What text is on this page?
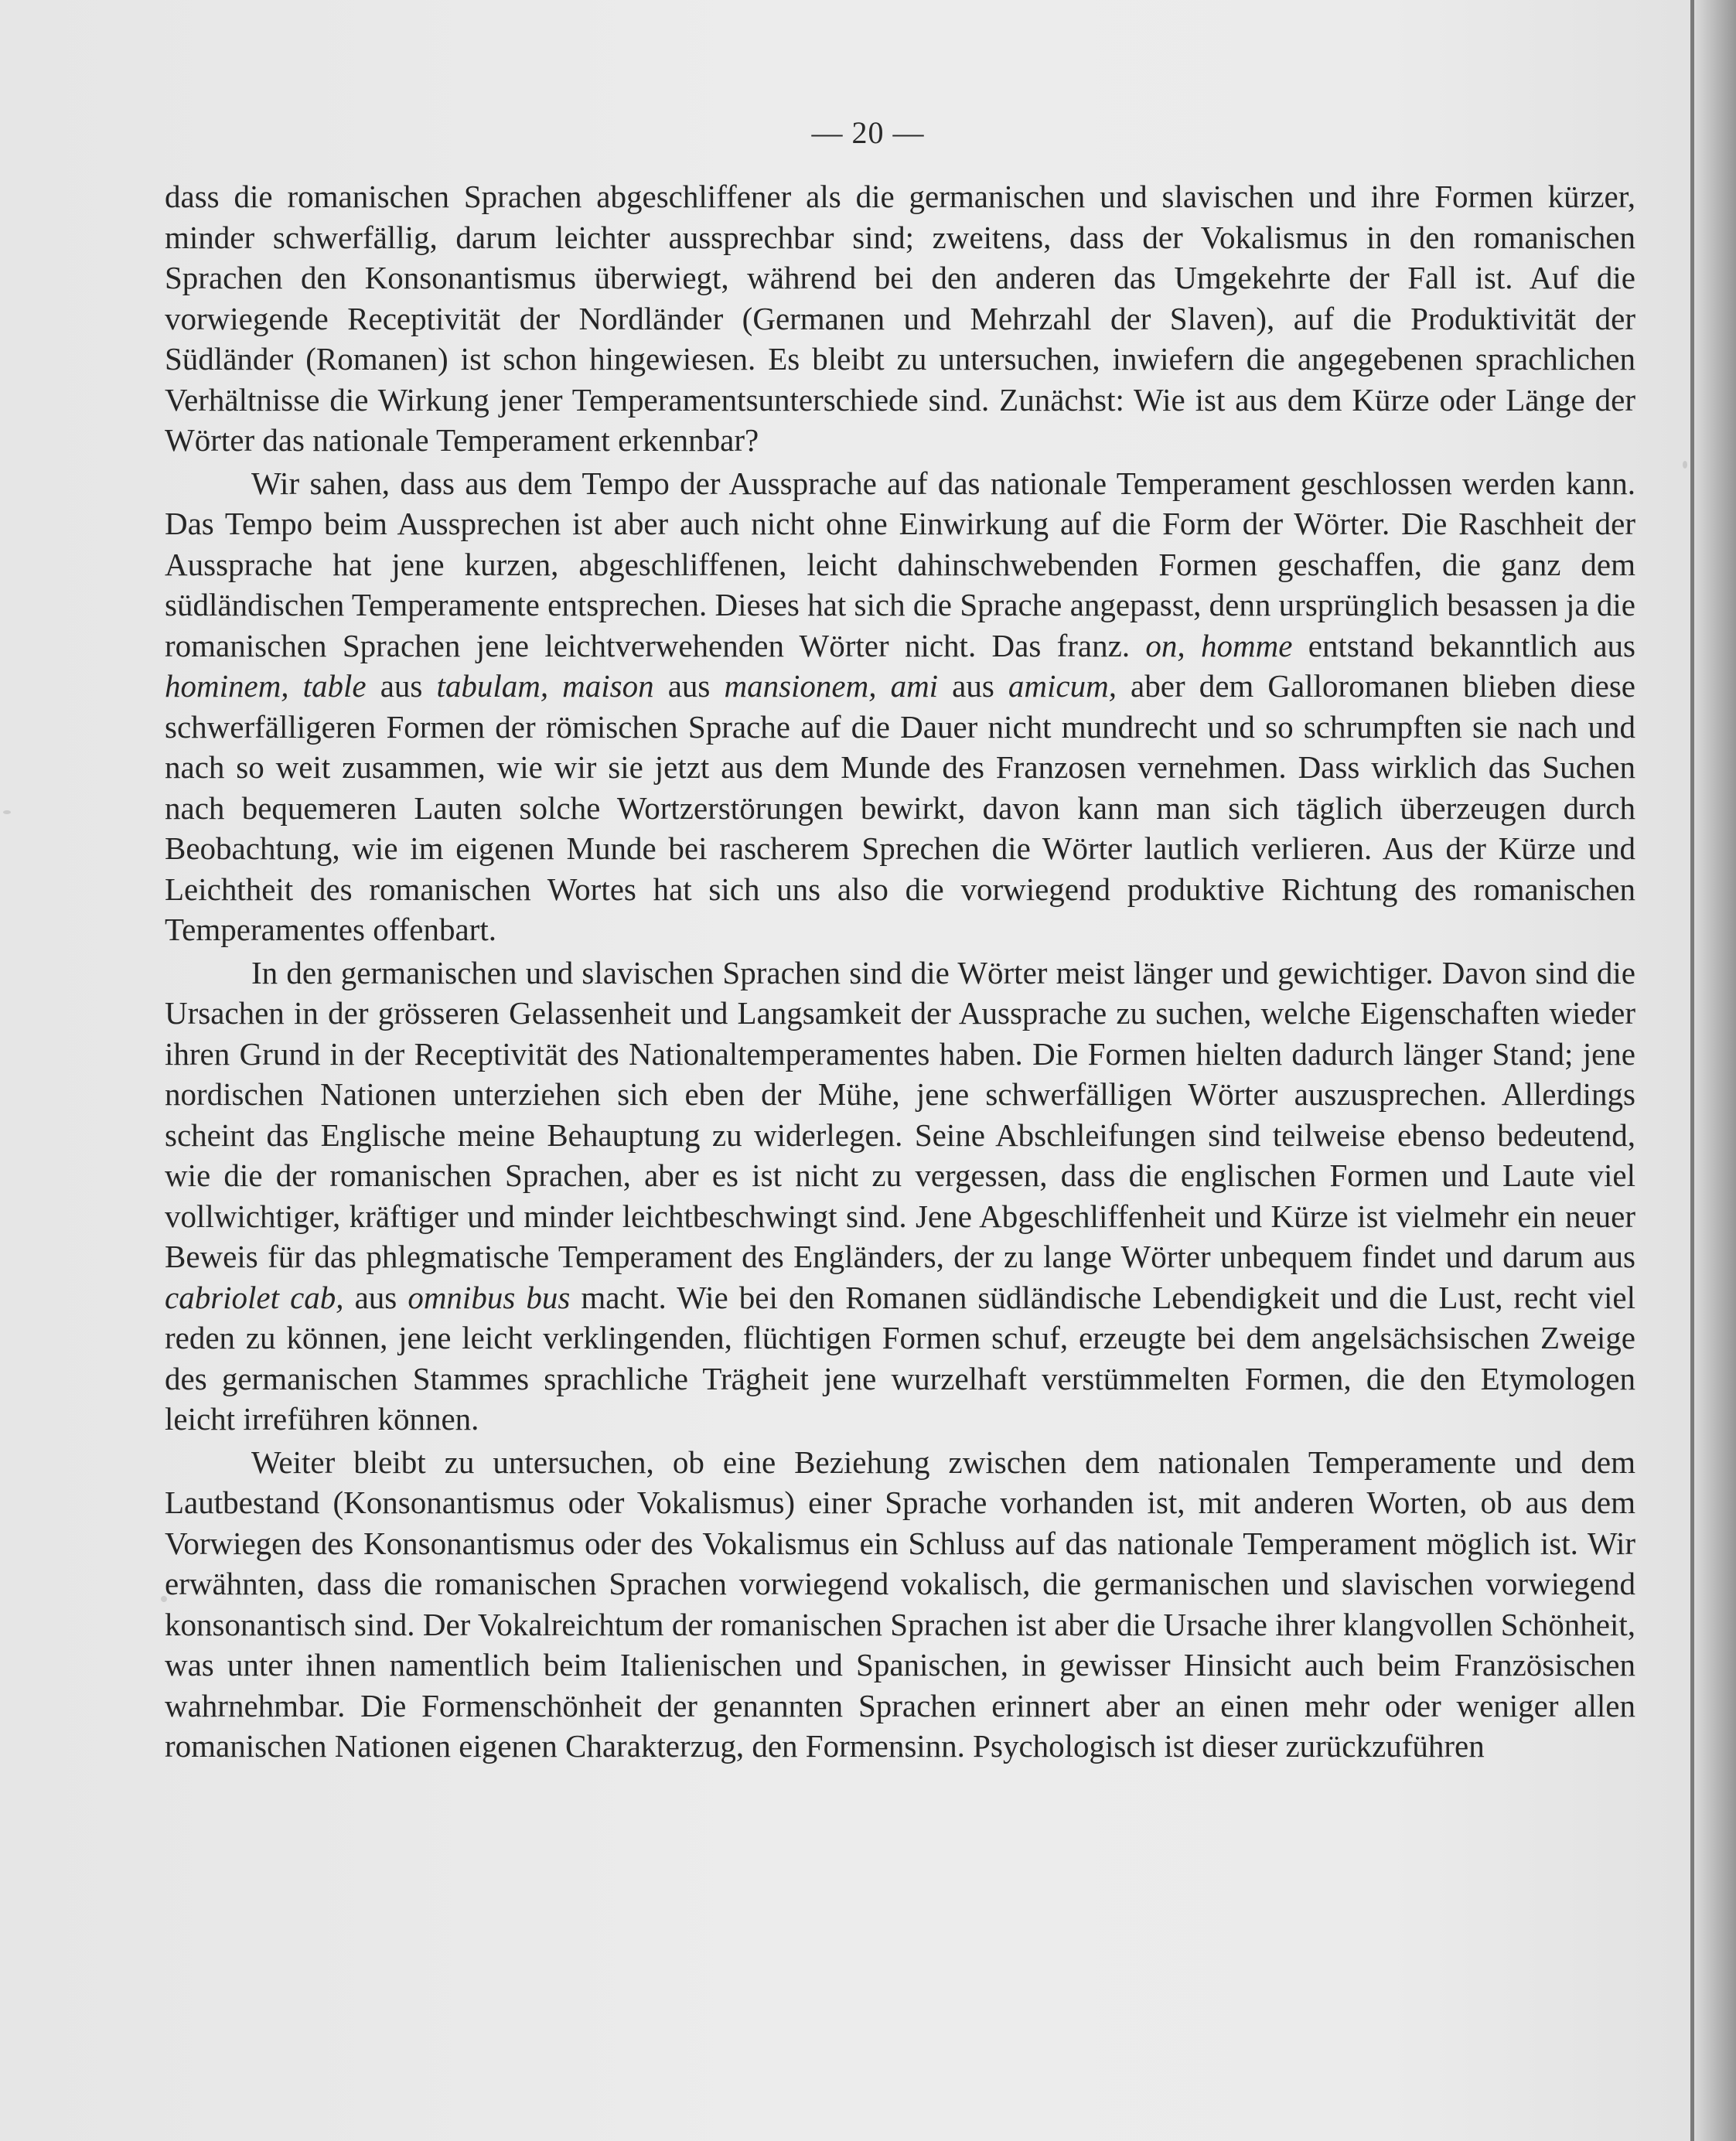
— 20 —

dass die romanischen Sprachen abgeschliffener als die germanischen und slavischen und ihre Formen kürzer, minder schwerfällig, darum leichter aussprechbar sind; zweitens, dass der Vokalismus in den romanischen Sprachen den Konsonantismus überwiegt, während bei den anderen das Umgekehrte der Fall ist. Auf die vorwiegende Receptivität der Nordländer (Germanen und Mehrzahl der Slaven), auf die Produktivität der Südländer (Romanen) ist schon hingewiesen. Es bleibt zu untersuchen, inwiefern die angegebenen sprachlichen Verhältnisse die Wirkung jener Temperamentsunterschiede sind. Zunächst: Wie ist aus dem Kürze oder Länge der Wörter das nationale Temperament erkennbar?

Wir sahen, dass aus dem Tempo der Aussprache auf das nationale Temperament geschlossen werden kann. Das Tempo beim Aussprechen ist aber auch nicht ohne Einwirkung auf die Form der Wörter. Die Raschheit der Aussprache hat jene kurzen, abgeschliffenen, leicht dahinschwebenden Formen geschaffen, die ganz dem südländischen Temperamente entsprechen. Dieses hat sich die Sprache angepasst, denn ursprünglich besassen ja die romanischen Sprachen jene leichtverwehenden Wörter nicht. Das franz. on, homme entstand bekanntlich aus hominem, table aus tabulam, maison aus mansionem, ami aus amicum, aber dem Galloromanen blieben diese schwerfälligeren Formen der römischen Sprache auf die Dauer nicht mundrecht und so schrumpften sie nach und nach so weit zusammen, wie wir sie jetzt aus dem Munde des Franzosen vernehmen. Dass wirklich das Suchen nach bequemeren Lauten solche Wortzerstörungen bewirkt, davon kann man sich täglich überzeugen durch Beobachtung, wie im eigenen Munde bei rascherem Sprechen die Wörter lautlich verlieren. Aus der Kürze und Leichtheit des romanischen Wortes hat sich uns also die vorwiegend produktive Richtung des romanischen Temperamentes offenbart.

In den germanischen und slavischen Sprachen sind die Wörter meist länger und gewichtiger. Davon sind die Ursachen in der grösseren Gelassenheit und Langsamkeit der Aussprache zu suchen, welche Eigenschaften wieder ihren Grund in der Receptivität des Nationaltemperamentes haben. Die Formen hielten dadurch länger Stand; jene nordischen Nationen unterziehen sich eben der Mühe, jene schwerfälligen Wörter auszusprechen. Allerdings scheint das Englische meine Behauptung zu widerlegen. Seine Abschleifungen sind teilweise ebenso bedeutend, wie die der romanischen Sprachen, aber es ist nicht zu vergessen, dass die englischen Formen und Laute viel vollwichtiger, kräftiger und minder leichtbeschwingt sind. Jene Abgeschliffenheit und Kürze ist vielmehr ein neuer Beweis für das phlegmatische Temperament des Engländers, der zu lange Wörter unbequem findet und darum aus cabriolet cab, aus omnibus bus macht. Wie bei den Romanen südländische Lebendigkeit und die Lust, recht viel reden zu können, jene leicht verklingenden, flüchtigen Formen schuf, erzeugte bei dem angelsächsischen Zweige des germanischen Stammes sprachliche Trägheit jene wurzelhaft verstümmelten Formen, die den Etymologen leicht irreführen können.

Weiter bleibt zu untersuchen, ob eine Beziehung zwischen dem nationalen Temperamente und dem Lautbestand (Konsonantismus oder Vokalismus) einer Sprache vorhanden ist, mit anderen Worten, ob aus dem Vorwiegen des Konsonantismus oder des Vokalismus ein Schluss auf das nationale Temperament möglich ist. Wir erwähnten, dass die romanischen Sprachen vorwiegend vokalisch, die germanischen und slavischen vorwiegend konsonantisch sind. Der Vokalreichtum der romanischen Sprachen ist aber die Ursache ihrer klangvollen Schönheit, was unter ihnen namentlich beim Italienischen und Spanischen, in gewisser Hinsicht auch beim Französischen wahrnehmbar. Die Formenschönheit der genannten Sprachen erinnert aber an einen mehr oder weniger allen romanischen Nationen eigenen Charakterzug, den Formensinn. Psychologisch ist dieser zurückzuführen
